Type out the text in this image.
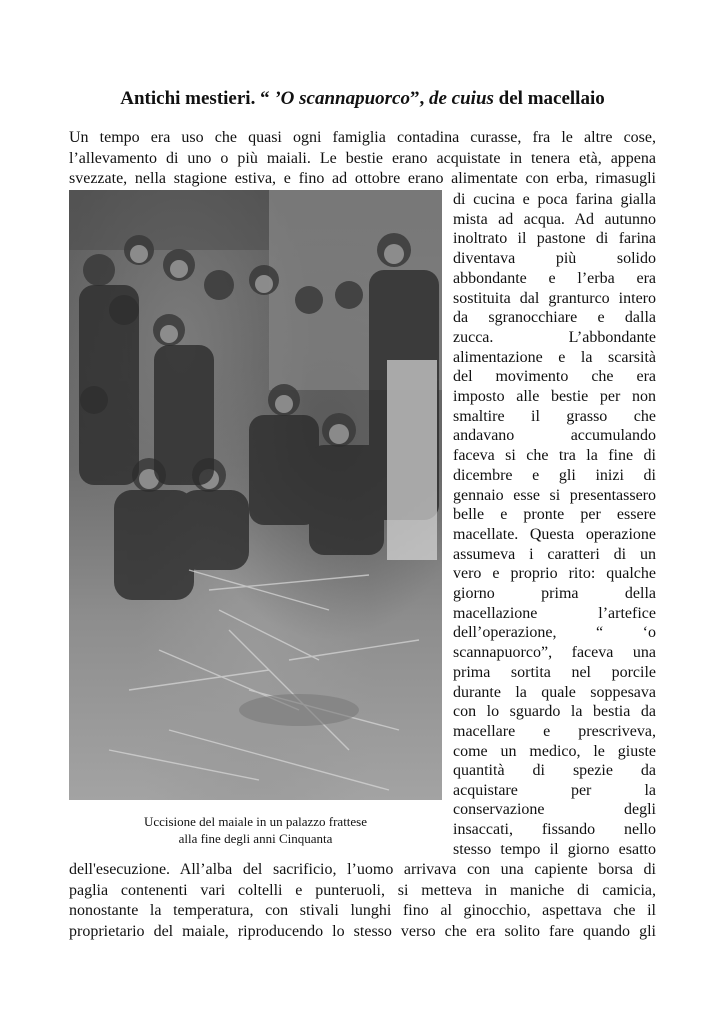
Antichi mestieri. “ ’O scannapuorco”, de cuius del macellaio
Un tempo era uso che quasi ogni famiglia contadina curasse, fra le altre cose,
l’allevamento di uno o più maiali. Le bestie erano acquistate in tenera età, appena
svezzate, nella stagione estiva, e fino ad ottobre erano alimentate con erba, rimasugli
di cucina e poca farina gialla
mista ad acqua. Ad autunno
inoltrato il pastone di farina
diventava più solido
abbondante e l’erba era
sostituita dal granturco intero
da sgranocchiare e dalla
zucca. L’abbondante
alimentazione e la scarsità
del movimento che era
imposto alle bestie per non
smaltire il grasso che
andavano accumulando
faceva si che tra la fine di
dicembre e gli inizi di
gennaio esse si presentassero
belle e pronte per essere
macellate. Questa operazione
assumeva i caratteri di un
vero e proprio rito: qualche
giorno prima della
macellazione l’artefice
dell’operazione, “ ‘o
scannapuorco”, faceva una
prima sortita nel porcile
durante la quale soppesava
con lo sguardo la bestia da
macellare e prescriveva,
come un medico, le giuste
quantità di spezie da
acquistare per la
conservazione degli
insaccati, fissando nello
stesso tempo il giorno esatto
dell'esecuzione. All’alba del sacrificio, l’uomo arrivava con una capiente borsa di
paglia contenenti vari coltelli e punteruoli, si metteva in maniche di camicia,
nonostante la temperatura, con stivali lunghi fino al ginocchio, aspettava che il
proprietario del maiale, riproducendo lo stesso verso che era solito fare quando gli
Uccisione del maiale in un palazzo frattese
alla fine degli anni Cinquanta
